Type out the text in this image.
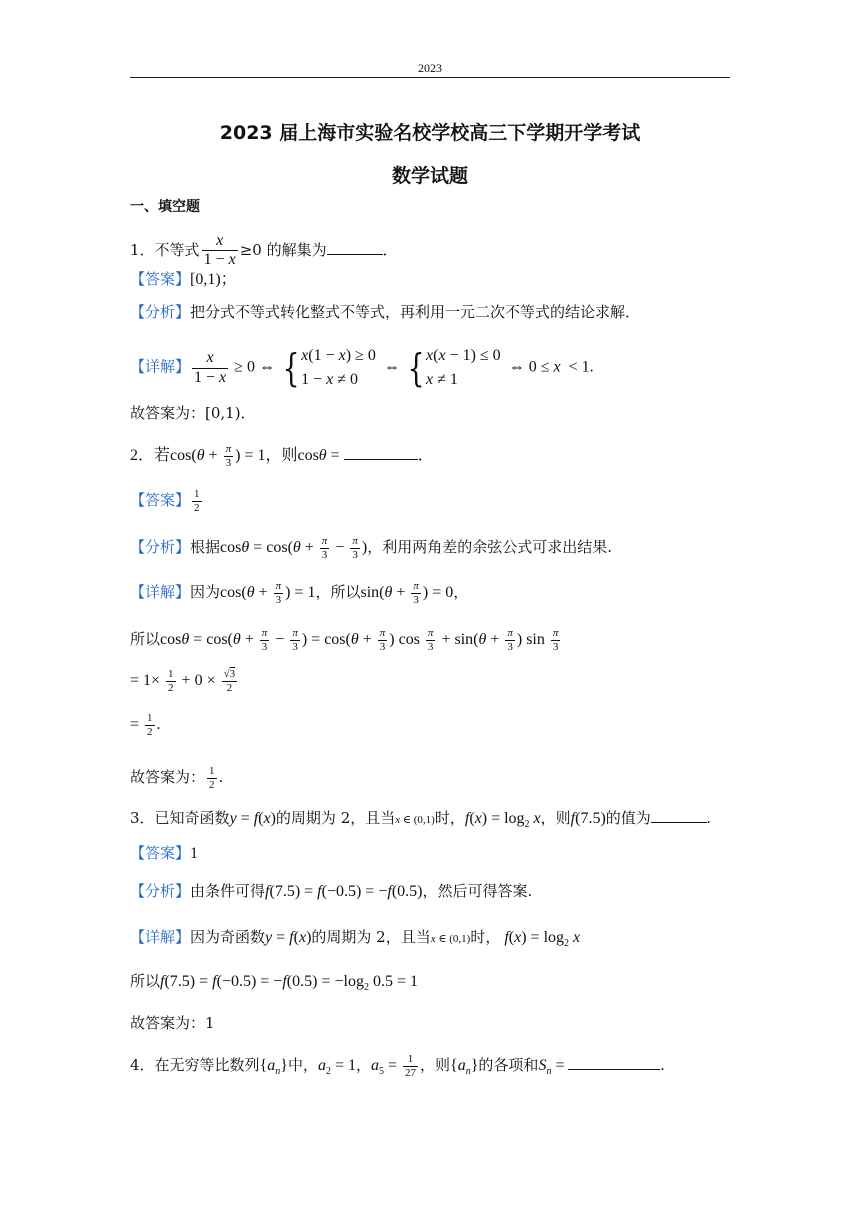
2023
2023 届上海市实验名校学校高三下学期开学考试
数学试题
一、填空题
1．不等式 $\frac{x}{1 - x} \ge 0$ 的解集为	．
【答案】[0,1)；
【分析】把分式不等式转化整式不等式，再利用一元二次不等式的结论求解．
【详解】 $\frac{x}{1 - x} \ge 0$ ⇔ { x(1 − x) ≥ 0
1 − x ≠ 0
⇔ { x(x − 1) ≤ 0
x ≠ 1
⇔ 0 ≤ x  < 1.
故答案为：[0,1)．
2．若$\cos(\theta + \frac{\pi}{3}$ ) = 1，则cosθ =	．
【答案】 $\frac{1}{2}$
【分析】根据$\cos\theta = \cos(\theta + \frac{\pi}{3} - \frac{\pi}{3}$ )，利用两角差的余弦公式可求出结果.
【详解】因为$\cos(\theta + \frac{\pi}{3}$ ) = 1，所以$\sin(\theta + \frac{\pi}{3}$ ) = 0，
所以$\cos\theta = \cos(\theta + \frac{\pi}{3} - \frac{\pi}{3}$ ) = $\cos(\theta + \frac{\pi}{3}$ ) $\cos \frac{\pi}{3} + \sin(\theta + \frac{\pi}{3}$ ) $\sin \frac{\pi}{3}$
= $1\times \frac{1}{2} + 0 \times \frac{√3}{2}$
= $\frac{1}{2}$ .
故答案为： $\frac{1}{2}$ .
3．已知奇函数y = f(x)的周期为 2，且当x ∈ (0,1)时，$f(x) = \log_2 x$，则f(7.5)的值为	.
【答案】1
【分析】由条件可得f(7.5) = f(−0.5) = −f(0.5)，然后可得答案.
【详解】因为奇函数y = f(x)的周期为 2，且当x ∈ (0,1)时， $f(x) = \log_2 x$
所以$f(7.5) = f(-0.5) = -f(0.5) = -\log_2$ 0.5 = 1
故答案为：1
4．在无穷等比数列$\{a_n\}$中，$a_2 = 1$，$a_5 = \frac{1}{27}$ ，则$\{a_n\}$的各项和$S_n$ =	.
